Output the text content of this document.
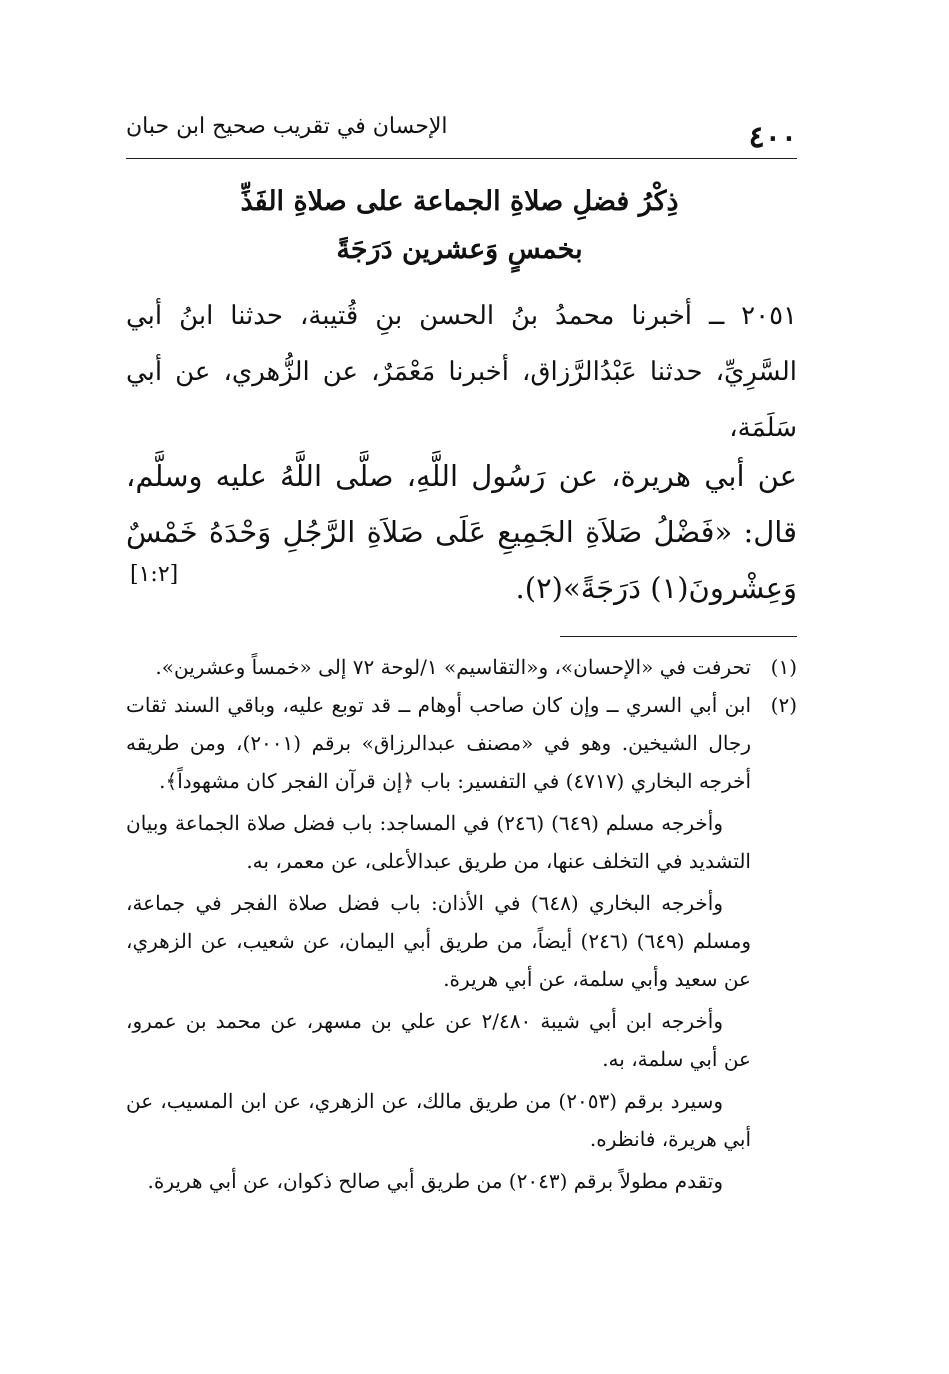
٤٠٠
الإحسان في تقريب صحيح ابن حبان
ذِكْرُ فضلِ صلاةِ الجماعة على صلاةِ الفَذِّ
بخمسٍ وَعشرين دَرَجَةً
٢٠٥١ ــ أخبرنا محمدُ بنُ الحسن بنِ قُتيبة، حدثنا ابنُ أبي السَّرِيِّ، حدثنا عَبْدُالرَّزاق، أخبرنا مَعْمَرٌ، عن الزُّهري، عن أبي سَلَمَة،
عن أبي هريرة، عن رَسُول اللَّهِ، صلَّى اللَّهُ عليه وسلَّم، قال: «فَضْلُ صَلاَةِ الجَمِيعِ عَلَى صَلاَةِ الرَّجُلِ وَحْدَهُ خَمْسٌ وَعِشْرونَ(١) دَرَجَةً»(٢).
[١:٢]
(١)
تحرفت في «الإحسان»، و«التقاسيم» ١/لوحة ٧٢ إلى «خمساً وعشرين».
(٢)
ابن أبي السري ــ وإن كان صاحب أوهام ــ قد توبع عليه، وباقي السند ثقات رجال الشيخين. وهو في «مصنف عبدالرزاق» برقم (٢٠٠١)، ومن طريقه أخرجه البخاري (٤٧١٧) في التفسير: باب ﴿إن قرآن الفجر كان مشهوداً﴾.

وأخرجه مسلم (٦٤٩) (٢٤٦) في المساجد: باب فضل صلاة الجماعة وبيان التشديد في التخلف عنها، من طريق عبدالأعلى، عن معمر، به.

وأخرجه البخاري (٦٤٨) في الأذان: باب فضل صلاة الفجر في جماعة، ومسلم (٦٤٩) (٢٤٦) أيضاً، من طريق أبي اليمان، عن شعيب، عن الزهري، عن سعيد وأبي سلمة، عن أبي هريرة.

وأخرجه ابن أبي شيبة ٢/٤٨٠ عن علي بن مسهر، عن محمد بن عمرو، عن أبي سلمة، به.

وسيرد برقم (٢٠٥٣) من طريق مالك، عن الزهري، عن ابن المسيب، عن أبي هريرة، فانظره.

وتقدم مطولاً برقم (٢٠٤٣) من طريق أبي صالح ذكوان، عن أبي هريرة.
